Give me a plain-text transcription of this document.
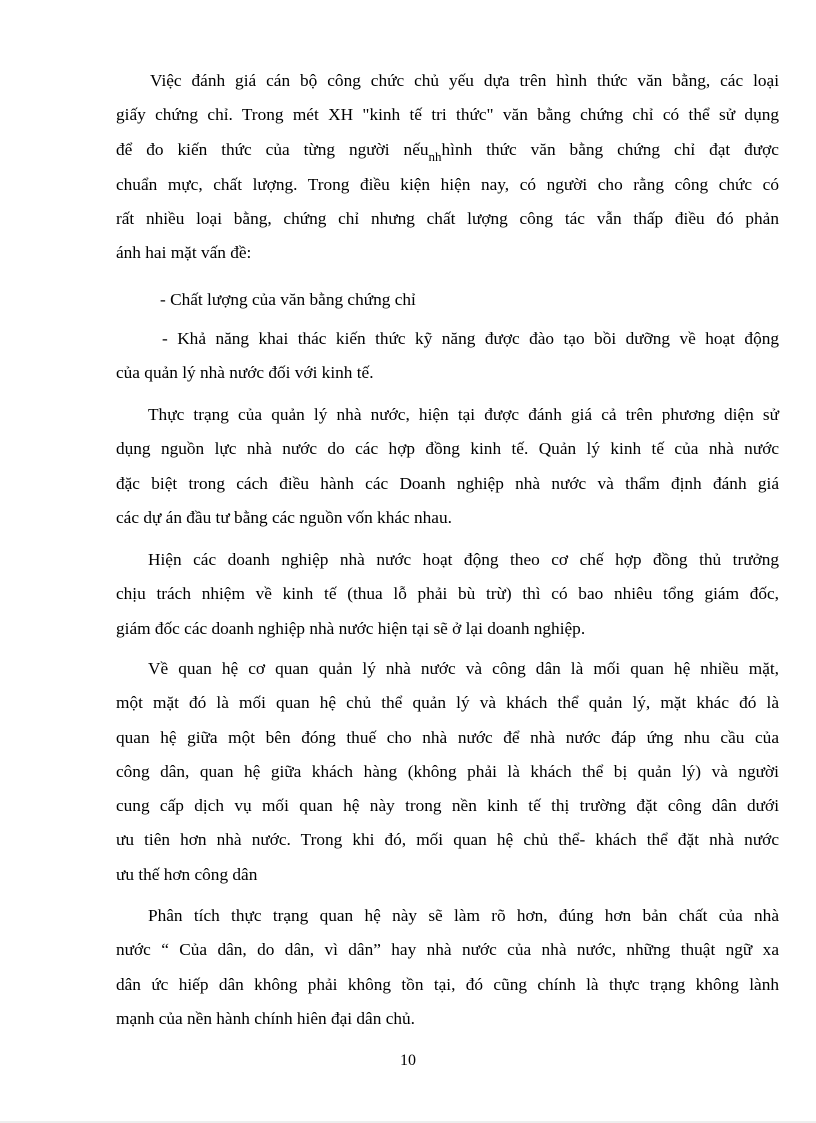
Việc đánh giá cán bộ công chức chủ yếu dựa trên hình thức văn bằng, các loại
giấy chứng chỉ. Trong mét XH "kinh tế tri thức" văn bằng chứng chỉ có thể sử dụng
để đo kiến thức của từng người nếu$_{nh}$hình thức văn bằng chứng chỉ đạt được
chuẩn mực, chất lượng. Trong điều kiện hiện nay, có người cho rằng công chức có
rất nhiều loại bằng, chứng chỉ nhưng chất lượng công tác vẫn thấp điều đó phản
ánh hai mặt vấn đề:
- Chất lượng của văn bằng chứng chỉ
- Khả năng khai thác kiến thức kỹ năng được đào tạo bồi dưỡng về hoạt động
của quản lý nhà nước đối với kinh tế.
Thực trạng của quản lý nhà nước, hiện tại được đánh giá cả trên phương diện sử
dụng nguồn lực nhà nước do các hợp đồng kinh tế. Quản lý kinh tế của nhà nước
đặc biệt trong cách điều hành các Doanh nghiệp nhà nước và thẩm định đánh giá
các dự án đầu tư bằng các nguồn vốn khác nhau.
Hiện các doanh nghiệp nhà nước hoạt động theo cơ chế hợp đồng thủ trưởng
chịu trách nhiệm về kinh tế (thua lỗ phải bù trừ) thì có bao nhiêu tổng giám đốc,
giám đốc các doanh nghiệp nhà nước hiện tại sẽ ở lại doanh nghiệp.
Về quan hệ cơ quan quản lý nhà nước và công dân là mối quan hệ nhiều mặt,
một mặt đó là mối quan hệ chủ thể quản lý và khách thể quản lý, mặt khác đó là
quan hệ giữa một bên đóng thuế cho nhà nước để nhà nước đáp ứng nhu cầu của
công dân, quan hệ giữa khách hàng (không phải là khách thể bị quản lý) và người
cung cấp dịch vụ mối quan hệ này trong nền kinh tế thị trường đặt công dân dưới
ưu tiên hơn nhà nước. Trong khi đó, mối quan hệ chủ thể- khách thể đặt nhà nước
ưu thế hơn công dân
Phân tích thực trạng quan hệ này sẽ làm rõ hơn, đúng hơn bản chất của nhà
nước “ Của dân, do dân, vì dân” hay nhà nước của nhà nước, những thuật ngữ xa
dân ức hiếp dân không phải không tồn tại, đó cũng chính là thực trạng không lành
mạnh của nền hành chính hiên đại dân chủ.
10
